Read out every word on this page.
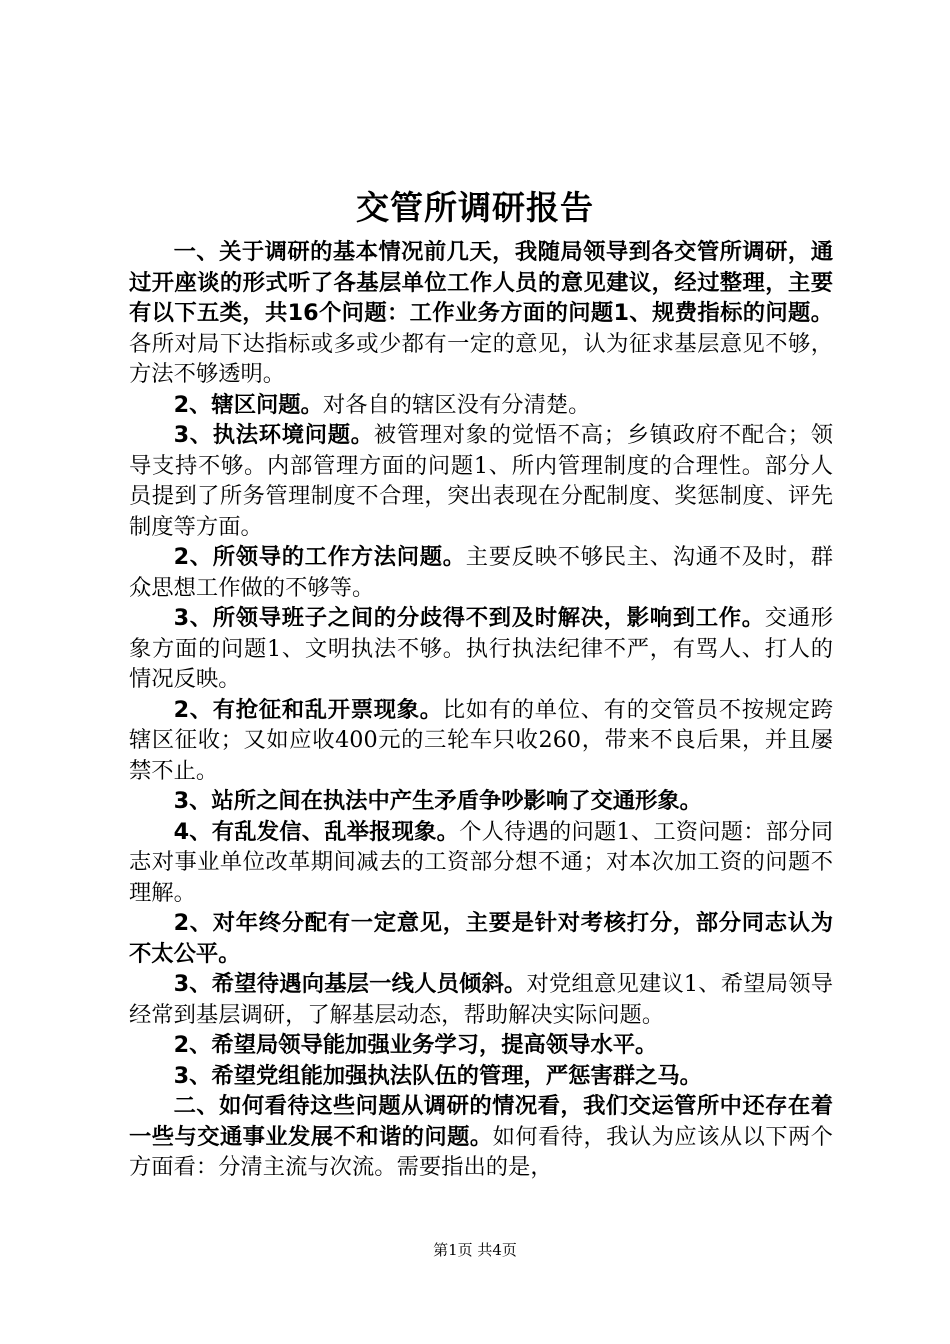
交管所调研报告

一、关于调研的基本情况前几天，我随局领导到各交管所调研，通过开座谈的形式听了各基层单位工作人员的意见建议，经过整理，主要有以下五类，共16个问题：工作业务方面的问题1、规费指标的问题。各所对局下达指标或多或少都有一定的意见，认为征求基层意见不够，方法不够透明。

2、辖区问题。对各自的辖区没有分清楚。

3、执法环境问题。被管理对象的觉悟不高；乡镇政府不配合；领导支持不够。内部管理方面的问题1、所内管理制度的合理性。部分人员提到了所务管理制度不合理，突出表现在分配制度、奖惩制度、评先制度等方面。

2、所领导的工作方法问题。主要反映不够民主、沟通不及时，群众思想工作做的不够等。

3、所领导班子之间的分歧得不到及时解决，影响到工作。交通形象方面的问题1、文明执法不够。执行执法纪律不严，有骂人、打人的情况反映。

2、有抢征和乱开票现象。比如有的单位、有的交管员不按规定跨辖区征收；又如应收400元的三轮车只收260，带来不良后果，并且屡禁不止。

3、站所之间在执法中产生矛盾争吵影响了交通形象。

4、有乱发信、乱举报现象。个人待遇的问题1、工资问题：部分同志对事业单位改革期间减去的工资部分想不通；对本次加工资的问题不理解。

2、对年终分配有一定意见，主要是针对考核打分，部分同志认为不太公平。

3、希望待遇向基层一线人员倾斜。对党组意见建议1、希望局领导经常到基层调研，了解基层动态，帮助解决实际问题。

2、希望局领导能加强业务学习，提高领导水平。

3、希望党组能加强执法队伍的管理，严惩害群之马。

二、如何看待这些问题从调研的情况看，我们交运管所中还存在着一些与交通事业发展不和谐的问题。如何看待，我认为应该从以下两个方面看：分清主流与次流。需要指出的是，

第1页 共4页
